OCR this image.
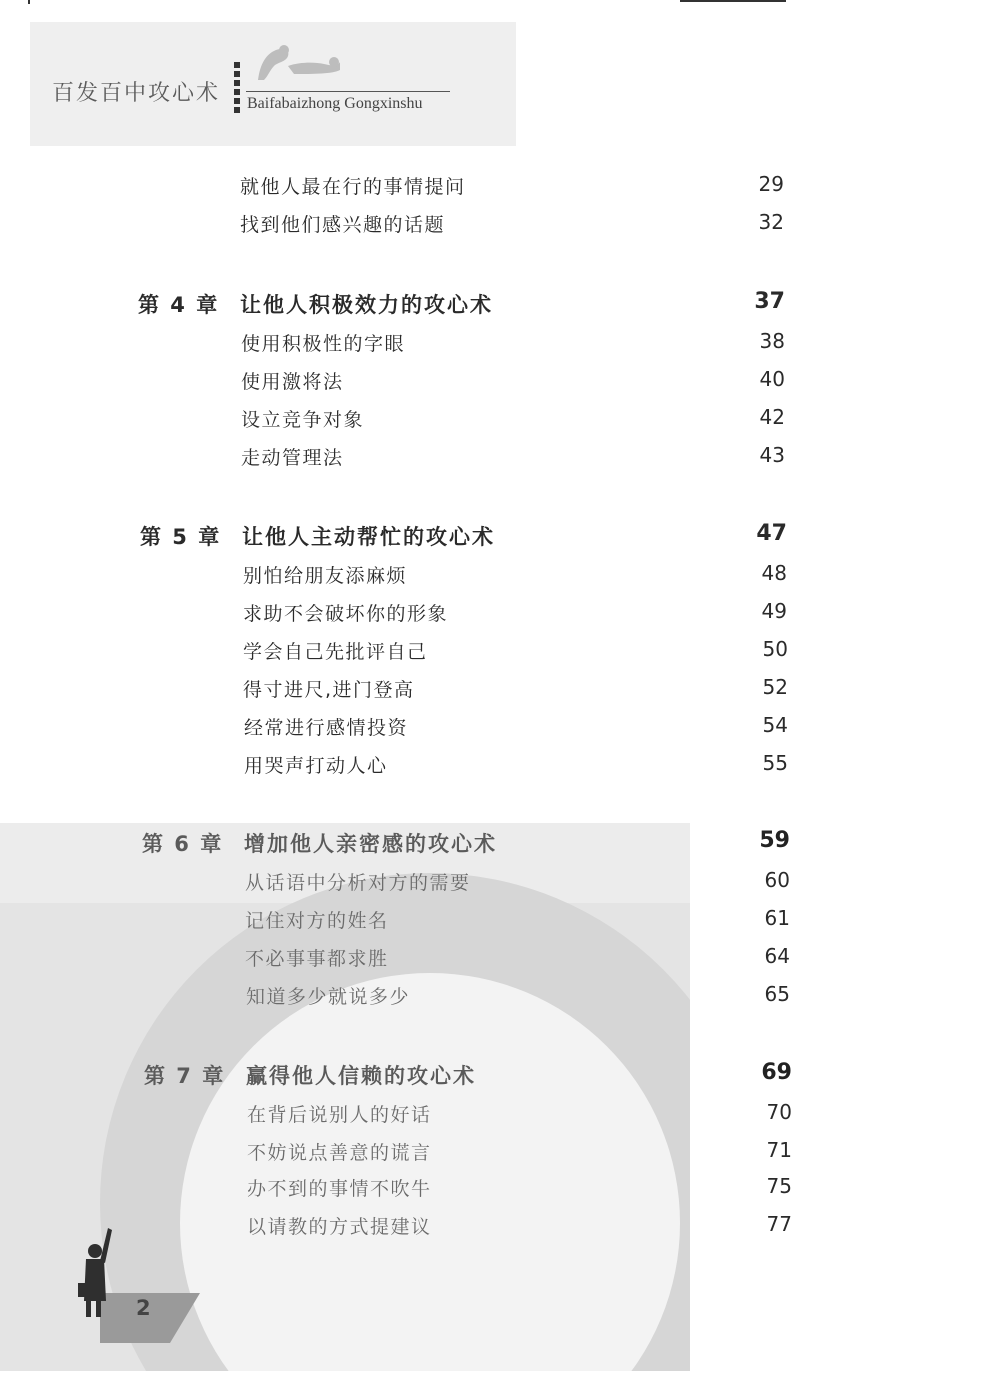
百发百中攻心术 Baifabaizhong Gongxinshu
就他人最在行的事情提问	29
找到他们感兴趣的话题	32
第 4 章 让他人积极效力的攻心术	37
使用积极性的字眼	38
使用激将法	40
设立竞争对象	42
走动管理法	43
第 5 章 让他人主动帮忙的攻心术	47
别怕给朋友添麻烦	48
求助不会破坏你的形象	49
学会自己先批评自己	50
得寸进尺,进门登高	52
经常进行感情投资	54
用哭声打动人心	55
第 6 章 增加他人亲密感的攻心术	59
从话语中分析对方的需要	60
记住对方的姓名	61
不必事事都求胜	64
知道多少就说多少	65
第 7 章 赢得他人信赖的攻心术	69
在背后说别人的好话	70
不妨说点善意的谎言	71
办不到的事情不吹牛	75
以请教的方式提建议	77
2
